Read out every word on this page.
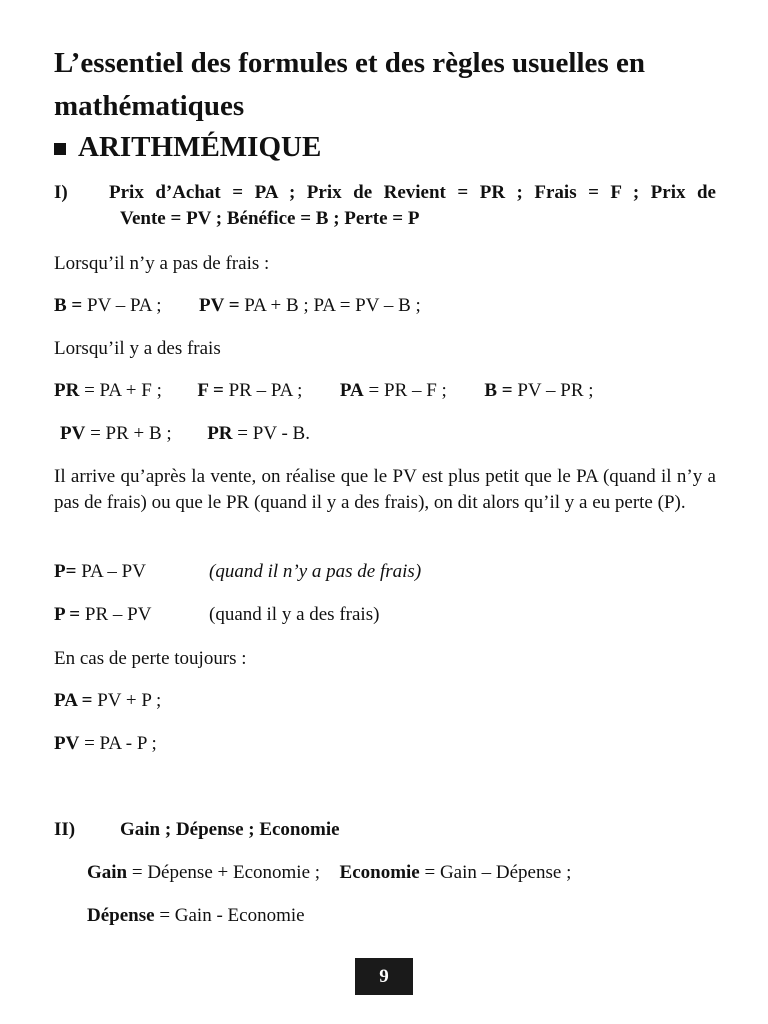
L’essentiel des formules et des règles usuelles en mathématiques
ARITHMÉMIQUE
I) Prix d’Achat = PA ; Prix de Revient = PR ; Frais = F ; Prix de
Vente = PV ; Bénéfice = B ; Perte = P
Lorsqu’il n’y a pas de frais :
B = PV – PA ; PV = PA + B ; PA = PV – B ;
Lorsqu’il y a des frais
PR = PA + F ; F = PR – PA ; PA = PR – F ; B = PV – PR ;
PV = PR + B ; PR = PV - B.

Il arrive qu’après la vente, on réalise que le PV est plus petit que le PA (quand il n’y a pas de frais) ou que le PR (quand il y a des frais), on dit alors qu’il y a eu perte (P).

P= PA – PV	(quand il n’y a pas de frais)
P = PR – PV	(quand il y a des frais)
En cas de perte toujours :
PA = PV + P ;
PV = PA - P ;
II) Gain ; Dépense ; Economie
Gain = Dépense + Economie ; Economie = Gain – Dépense ;
Dépense = Gain - Economie
9
